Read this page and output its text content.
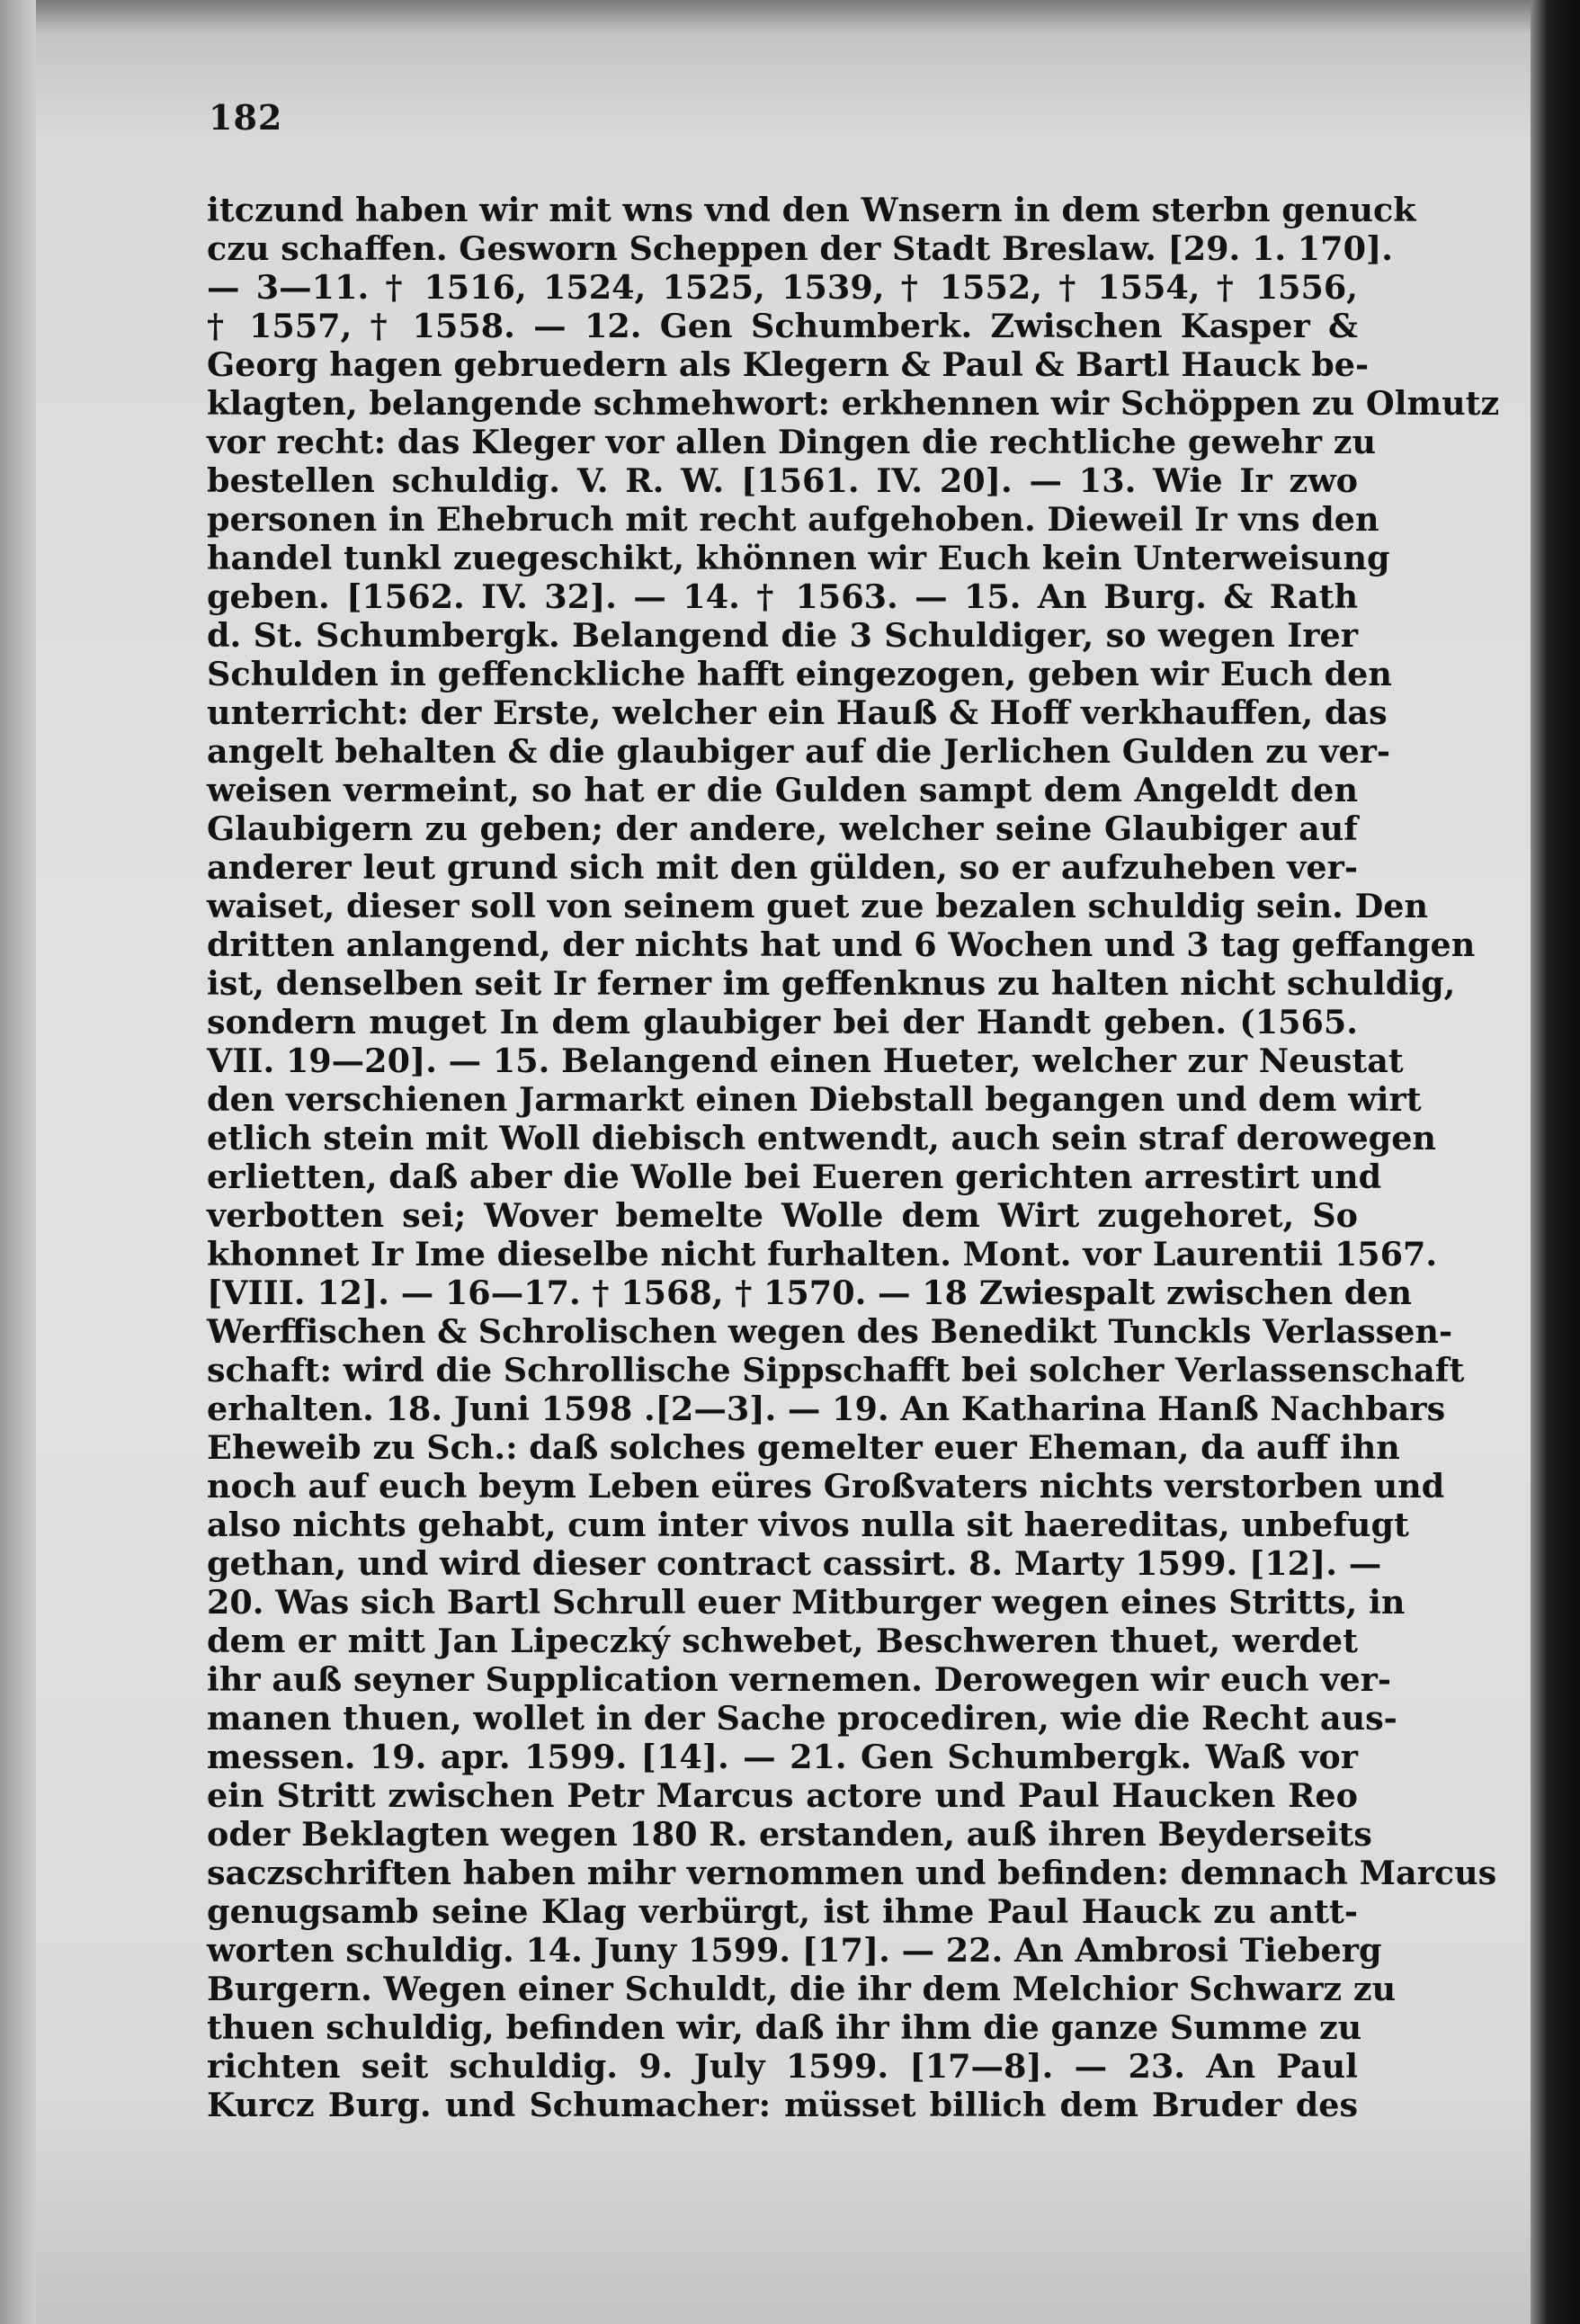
182
itczund haben wir mit wns vnd den Wnsern in dem sterbn genuck
czu schaffen. Gesworn Scheppen der Stadt Breslaw. [29. 1. 170].
— 3—11. † 1516, 1524, 1525, 1539, † 1552, † 1554, † 1556,
† 1557, † 1558. — 12. Gen Schumberk. Zwischen Kasper &
Georg hagen gebruedern als Klegern & Paul & Bartl Hauck be-
klagten, belangende schmehwort: erkhennen wir Schöppen zu Olmutz
vor recht: das Kleger vor allen Dingen die rechtliche gewehr zu
bestellen schuldig. V. R. W. [1561. IV. 20]. — 13. Wie Ir zwo
personen in Ehebruch mit recht aufgehoben. Dieweil Ir vns den
handel tunkl zuegeschikt, khönnen wir Euch kein Unterweisung
geben. [1562. IV. 32]. — 14. † 1563. — 15. An Burg. & Rath
d. St. Schumbergk. Belangend die 3 Schuldiger, so wegen Irer
Schulden in geffenckliche hafft eingezogen, geben wir Euch den
unterricht: der Erste, welcher ein Hauß & Hoff verkhauffen, das
angelt behalten & die glaubiger auf die Jerlichen Gulden zu ver-
weisen vermeint, so hat er die Gulden sampt dem Angeldt den
Glaubigern zu geben; der andere, welcher seine Glaubiger auf
anderer leut grund sich mit den gülden, so er aufzuheben ver-
waiset, dieser soll von seinem guet zue bezalen schuldig sein. Den
dritten anlangend, der nichts hat und 6 Wochen und 3 tag geffangen
ist, denselben seit Ir ferner im geffenknus zu halten nicht schuldig,
sondern muget In dem glaubiger bei der Handt geben. (1565.
VII. 19—20]. — 15. Belangend einen Hueter, welcher zur Neustat
den verschienen Jarmarkt einen Diebstall begangen und dem wirt
etlich stein mit Woll diebisch entwendt, auch sein straf derowegen
erlietten, daß aber die Wolle bei Eueren gerichten arrestirt und
verbotten sei; Wover bemelte Wolle dem Wirt zugehoret, So
khonnet Ir Ime dieselbe nicht furhalten. Mont. vor Laurentii 1567.
[VIII. 12]. — 16—17. † 1568, † 1570. — 18 Zwiespalt zwischen den
Werffischen & Schrolischen wegen des Benedikt Tunckls Verlassen-
schaft: wird die Schrollische Sippschafft bei solcher Verlassenschaft
erhalten. 18. Juni 1598 .[2—3]. — 19. An Katharina Hanß Nachbars
Eheweib zu Sch.: daß solches gemelter euer Eheman, da auff ihn
noch auf euch beym Leben eüres Großvaters nichts verstorben und
also nichts gehabt, cum inter vivos nulla sit haereditas, unbefugt
gethan, und wird dieser contract cassirt. 8. Marty 1599. [12]. —
20. Was sich Bartl Schrull euer Mitburger wegen eines Stritts, in
dem er mitt Jan Lipeczký schwebet, Beschweren thuet, werdet
ihr auß seyner Supplication vernemen. Derowegen wir euch ver-
manen thuen, wollet in der Sache procediren, wie die Recht aus-
messen. 19. apr. 1599. [14]. — 21. Gen Schumbergk. Waß vor
ein Stritt zwischen Petr Marcus actore und Paul Haucken Reo
oder Beklagten wegen 180 R. erstanden, auß ihren Beyderseits
saczschriften haben mihr vernommen und befinden: demnach Marcus
genugsamb seine Klag verbürgt, ist ihme Paul Hauck zu antt-
worten schuldig. 14. Juny 1599. [17]. — 22. An Ambrosi Tieberg
Burgern. Wegen einer Schuldt, die ihr dem Melchior Schwarz zu
thuen schuldig, befinden wir, daß ihr ihm die ganze Summe zu
richten seit schuldig. 9. July 1599. [17—8]. — 23. An Paul
Kurcz Burg. und Schumacher: müsset billich dem Bruder des
